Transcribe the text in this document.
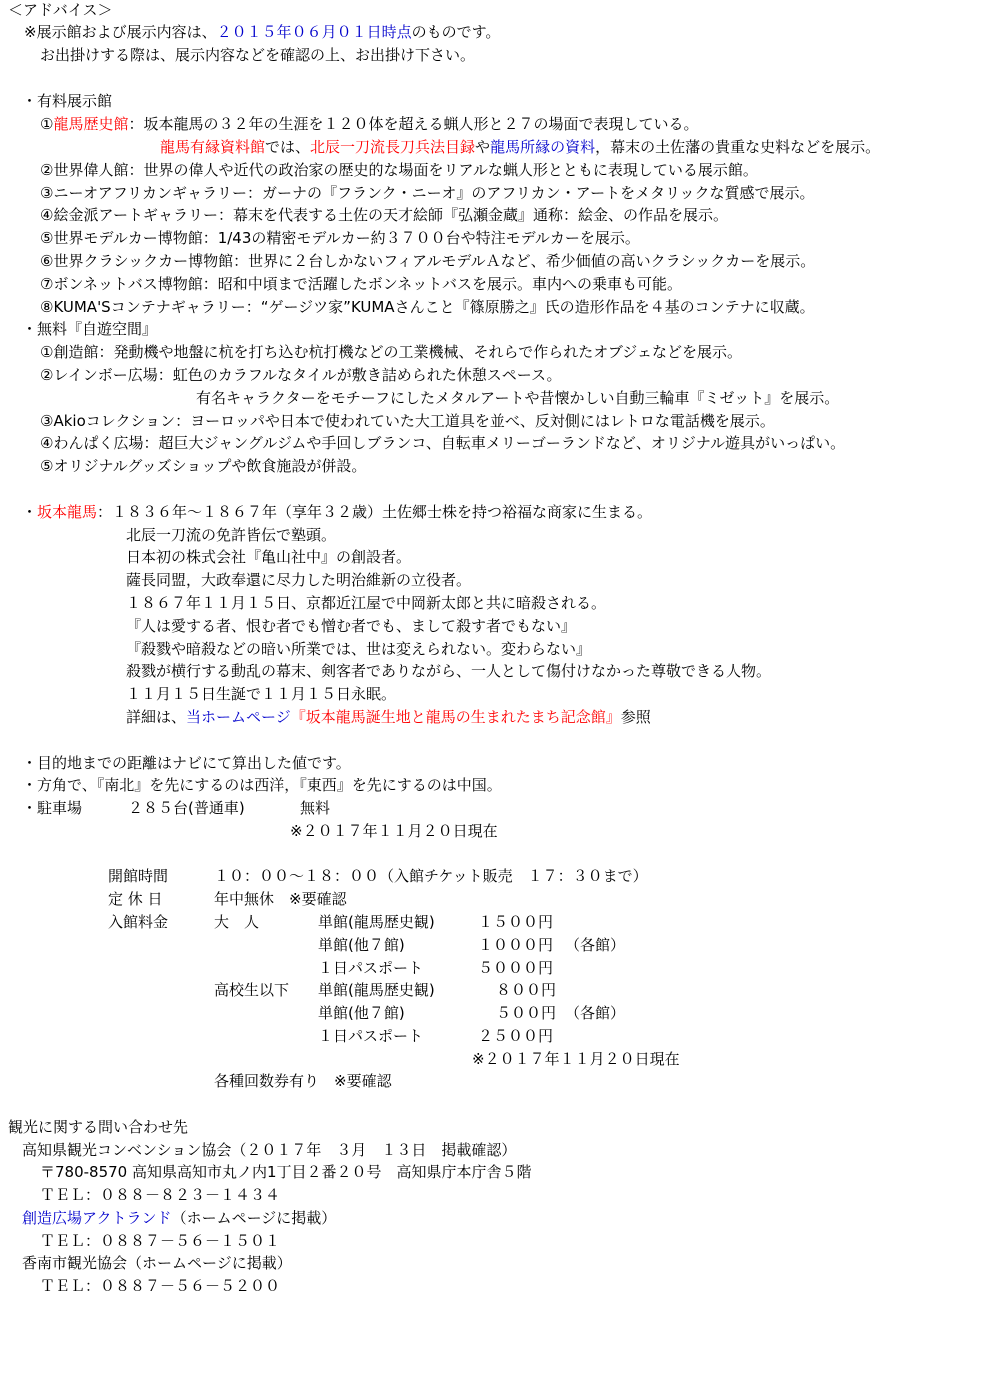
＜アドバイス＞
※展示館および展示内容は、２０１５年０６月０１日時点のものです。
お出掛けする際は、展示内容などを確認の上、お出掛け下さい。
・有料展示館
①龍馬歴史館：坂本龍馬の３２年の生涯を１２０体を超える蝋人形と２７の場面で表現している。
龍馬有縁資料館では、北辰一刀流長刀兵法目録や龍馬所縁の資料，幕末の土佐藩の貴重な史料などを展示。
②世界偉人館：世界の偉人や近代の政治家の歴史的な場面をリアルな蝋人形とともに表現している展示館。
③ニーオアフリカンギャラリー：ガーナの『フランク・ニーオ』のアフリカン・アートをメタリックな質感で展示。
④絵金派アートギャラリー：幕末を代表する土佐の天才絵師『弘瀬金蔵』通称：絵金、の作品を展示。
⑤世界モデルカー博物館：1/43の精密モデルカー約３７００台や特注モデルカーを展示。
⑥世界クラシックカー博物館：世界に２台しかないフィアルモデルＡなど、希少価値の高いクラシックカーを展示。
⑦ボンネットバス博物館：昭和中頃まで活躍したボンネットバスを展示。車内への乗車も可能。
⑧KUMA'Sコンテナギャラリー：“ゲージツ家”KUMAさんこと『篠原勝之』氏の造形作品を４基のコンテナに収蔵。
・無料『自遊空間』
①創造館：発動機や地盤に杭を打ち込む杭打機などの工業機械、それらで作られたオブジェなどを展示。
②レインボー広場：虹色のカラフルなタイルが敷き詰められた休憩スペース。
有名キャラクターをモチーフにしたメタルアートや昔懐かしい自動三輪車『ミゼット』を展示。
③Akioコレクション：ヨーロッパや日本で使われていた大工道具を並べ、反対側にはレトロな電話機を展示。
④わんぱく広場：超巨大ジャングルジムや手回しブランコ、自転車メリーゴーランドなど、オリジナル遊具がいっぱい。
⑤オリジナルグッズショップや飲食施設が併設。
・坂本龍馬：１８３６年～１８６７年（享年３２歳）土佐郷士株を持つ裕福な商家に生まる。
北辰一刀流の免許皆伝で塾頭。
日本初の株式会社『亀山社中』の創設者。
薩長同盟，大政奉還に尽力した明治維新の立役者。
１８６７年１１月１５日、京都近江屋で中岡新太郎と共に暗殺される。
『人は愛する者、恨む者でも憎む者でも、まして殺す者でもない』
『殺戮や暗殺などの暗い所業では、世は変えられない。変わらない』
殺戮が横行する動乱の幕末、剣客者でありながら、一人として傷付けなかった尊敬できる人物。
１１月１５日生誕で１１月１５日永眠。
詳細は、当ホームページ『坂本龍馬誕生地と龍馬の生まれたまち記念館』参照
・目的地までの距離はナビにて算出した値です。
・方角で、『南北』を先にするのは西洋，『東西』を先にするのは中国。
・駐車場	２８５台(普通車)	無料
※２０１７年１１月２０日現在
開館時間	１０：００～１８：００（入館チケット販売　１７：３０まで）
定 休 日	年中無休　※要確認
入館料金	大　人	単館(龍馬歴史観)	１５００円
単館(他７館)	１０００円 （各館）
１日パスポート	５０００円
高校生以下 単館(龍馬歴史観)	８００円
単館(他７館)	５００円 （各館）
１日パスポート	２５００円
※２０１７年１１月２０日現在
各種回数券有り　※要確認
観光に関する問い合わせ先
高知県観光コンベンション協会（２０１７年　３月　１３日　掲載確認）
〒780-8570 高知県高知市丸ノ内1丁目２番２０号　高知県庁本庁舎５階
ＴＥＬ：０８８－８２３－１４３４
創造広場アクトランド（ホームページに掲載）
ＴＥＬ：０８８７－５６－１５０１
香南市観光協会（ホームページに掲載）
ＴＥＬ：０８８７－５６－５２００
